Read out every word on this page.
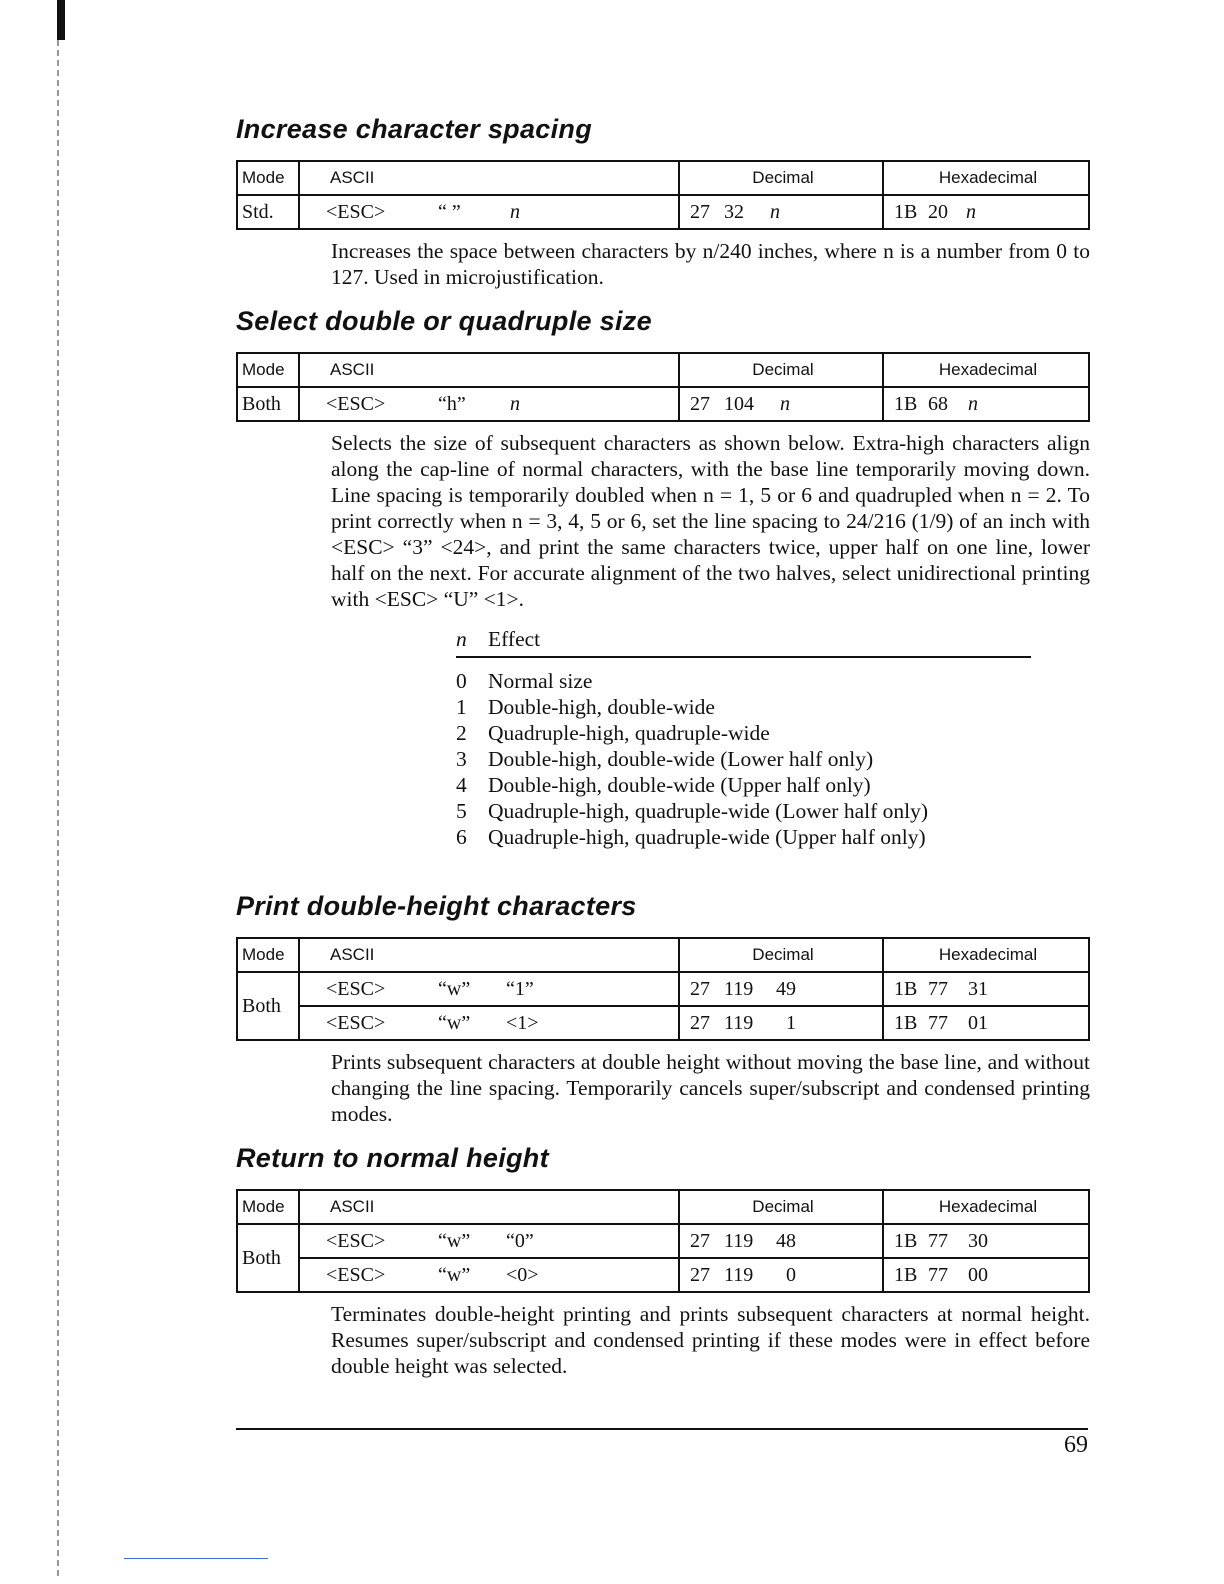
Increase character spacing
Mode	ASCII	Decimal	Hexadecimal
Std.	<ESC> “ ” n	27 32 n	1B 20 n
Increases the space between characters by n/240 inches, where n is a number from 0 to 127. Used in microjustification.
Select double or quadruple size
Mode	ASCII	Decimal	Hexadecimal
Both	<ESC> “h” n	27 104 n	1B 68 n
Selects the size of subsequent characters as shown below. Extra-high characters align along the cap-line of normal characters, with the base line temporarily moving down. Line spacing is temporarily doubled when n = 1, 5 or 6 and quadrupled when n = 2. To print correctly when n = 3, 4, 5 or 6, set the line spacing to 24/216 (1/9) of an inch with <ESC> “3” <24>, and print the same characters twice, upper half on one line, lower half on the next. For accurate alignment of the two halves, select unidirectional printing with <ESC> “U” <1>.
n Effect
0 Normal size
1 Double-high, double-wide
2 Quadruple-high, quadruple-wide
3 Double-high, double-wide (Lower half only)
4 Double-high, double-wide (Upper half only)
5 Quadruple-high, quadruple-wide (Lower half only)
6 Quadruple-high, quadruple-wide (Upper half only)
Print double-height characters
Mode	ASCII	Decimal	Hexadecimal
Both	<ESC> “w” “1”	27 119 49	1B 77 31
	<ESC> “w” <1>	27 119 1	1B 77 01
Prints subsequent characters at double height without moving the base line, and without changing the line spacing. Temporarily cancels super/subscript and condensed printing modes.
Return to normal height
Mode	ASCII	Decimal	Hexadecimal
Both	<ESC> “w” “0”	27 119 48	1B 77 30
	<ESC> “w” <0>	27 119 0	1B 77 00
Terminates double-height printing and prints subsequent characters at normal height. Resumes super/subscript and condensed printing if these modes were in effect before double height was selected.
69
